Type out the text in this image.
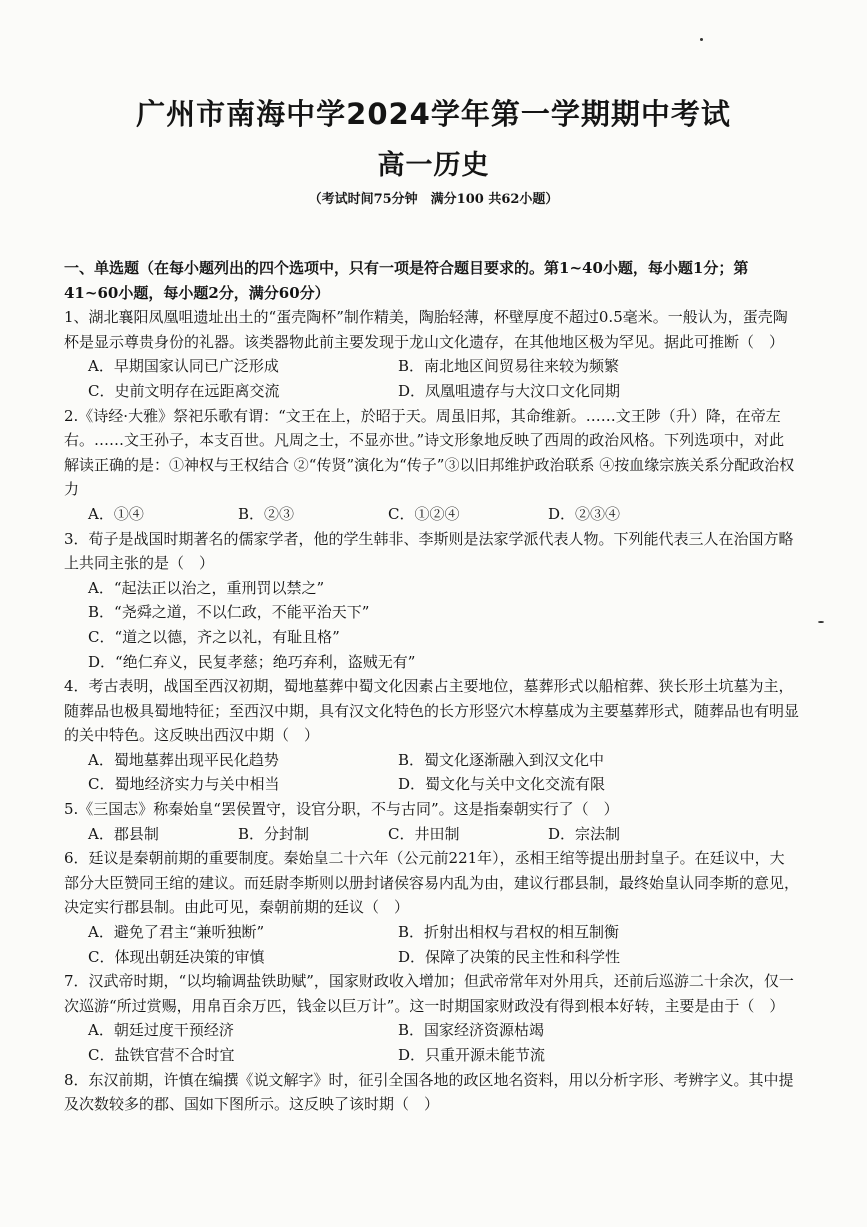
广州市南海中学2024学年第一学期期中考试
高一历史
（考试时间75分钟　满分100 共62小题）

一、单选题（在每小题列出的四个选项中，只有一项是符合题目要求的。第1~40小题，每小题1分；第41~60小题，每小题2分，满分60分）

1、湖北襄阳凤凰咀遗址出土的“蛋壳陶杯”制作精美，陶胎轻薄，杯壁厚度不超过0.5毫米。一般认为，蛋壳陶杯是显示尊贵身份的礼器。该类器物此前主要发现于龙山文化遗存，在其他地区极为罕见。据此可推断（　）

A．早期国家认同已广泛形成	B．南北地区间贸易往来较为频繁
C．史前文明存在远距离交流	D．凤凰咀遗存与大汶口文化同期

2.《诗经·大雅》祭祀乐歌有谓：“文王在上，於昭于天。周虽旧邦，其命维新。……文王陟（升）降，在帝左右。……文王孙子，本支百世。凡周之士，不显亦世。”诗文形象地反映了西周的政治风格。下列选项中，对此解读正确的是：①神权与王权结合 ②“传贤”演化为“传子”③以旧邦维护政治联系 ④按血缘宗族关系分配政治权力

A．①④	B．②③	C．①②④	D．②③④

3．荀子是战国时期著名的儒家学者，他的学生韩非、李斯则是法家学派代表人物。下列能代表三人在治国方略上共同主张的是（　）

A．“起法正以治之，重刑罚以禁之”
B．“尧舜之道，不以仁政，不能平治天下”
C．“道之以德，齐之以礼，有耻且格”
D．“绝仁弃义，民复孝慈；绝巧弃利，盗贼无有”

4．考古表明，战国至西汉初期，蜀地墓葬中蜀文化因素占主要地位，墓葬形式以船棺葬、狭长形土坑墓为主，随葬品也极具蜀地特征；至西汉中期，具有汉文化特色的长方形竖穴木椁墓成为主要墓葬形式，随葬品也有明显的关中特色。这反映出西汉中期（　）

A．蜀地墓葬出现平民化趋势	B．蜀文化逐渐融入到汉文化中
C．蜀地经济实力与关中相当	D．蜀文化与关中文化交流有限

5.《三国志》称秦始皇“罢侯置守，设官分职，不与古同”。这是指秦朝实行了（　）

A．郡县制	B．分封制	C．井田制	D．宗法制

6．廷议是秦朝前期的重要制度。秦始皇二十六年（公元前221年），丞相王绾等提出册封皇子。在廷议中，大部分大臣赞同王绾的建议。而廷尉李斯则以册封诸侯容易内乱为由，建议行郡县制，最终始皇认同李斯的意见，决定实行郡县制。由此可见，秦朝前期的廷议（　）

A．避免了君主“兼听独断”	B．折射出相权与君权的相互制衡
C．体现出朝廷决策的审慎	D．保障了决策的民主性和科学性

7．汉武帝时期，“以均输调盐铁助赋”，国家财政收入增加；但武帝常年对外用兵，还前后巡游二十余次，仅一次巡游“所过赏赐，用帛百余万匹，钱金以巨万计”。这一时期国家财政没有得到根本好转，主要是由于（　）

A．朝廷过度干预经济	B．国家经济资源枯竭
C．盐铁官营不合时宜	D．只重开源未能节流

8．东汉前期，许慎在编撰《说文解字》时，征引全国各地的政区地名资料，用以分析字形、考辨字义。其中提及次数较多的郡、国如下图所示。这反映了该时期（　）
